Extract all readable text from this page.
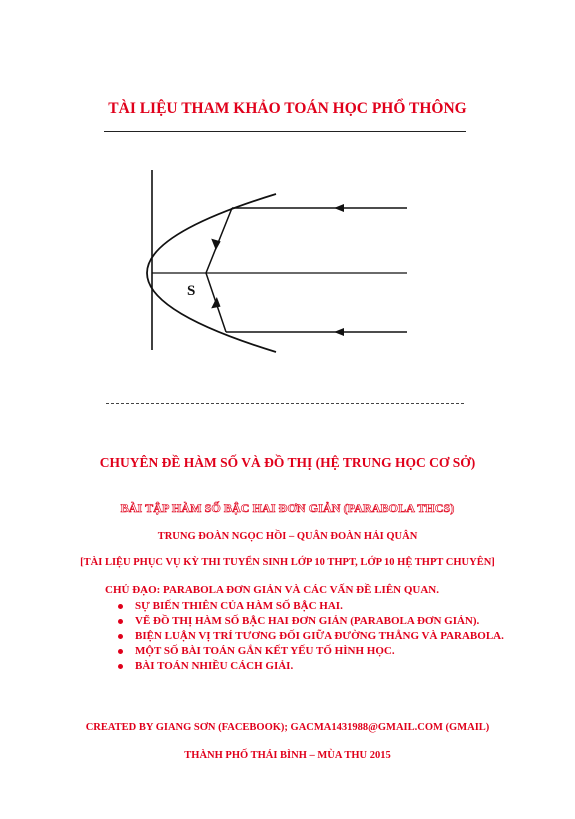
TÀI LIỆU THAM KHẢO TOÁN HỌC PHỔ THÔNG
S
CHUYÊN ĐỀ HÀM SỐ VÀ ĐỒ THỊ (HỆ TRUNG HỌC CƠ SỞ)
BÀI TẬP HÀM SỐ BẬC HAI ĐƠN GIẢN (PARABOLA THCS)
TRUNG ĐOÀN NGỌC HỒI – QUÂN ĐOÀN HẢI QUÂN
[TÀI LIỆU PHỤC VỤ KỲ THI TUYỂN SINH LỚP 10 THPT, LỚP 10 HỆ THPT CHUYÊN]
CHỦ ĐẠO: PARABOLA ĐƠN GIẢN VÀ CÁC VẤN ĐỀ LIÊN QUAN.
SỰ BIẾN THIÊN CỦA HÀM SỐ BẬC HAI.
VẼ ĐỒ THỊ HÀM SỐ BẬC HAI ĐƠN GIẢN (PARABOLA ĐƠN GIẢN).
BIỆN LUẬN VỊ TRÍ TƯƠNG ĐỐI GIỮA ĐƯỜNG THẲNG VÀ PARABOLA.
MỘT SỐ BÀI TOÁN GẮN KẾT YẾU TỐ HÌNH HỌC.
BÀI TOÁN NHIỀU CÁCH GIẢI.
CREATED BY GIANG SƠN (FACEBOOK); GACMA1431988@GMAIL.COM (GMAIL)
THÀNH PHỐ THÁI BÌNH – MÙA THU 2015
